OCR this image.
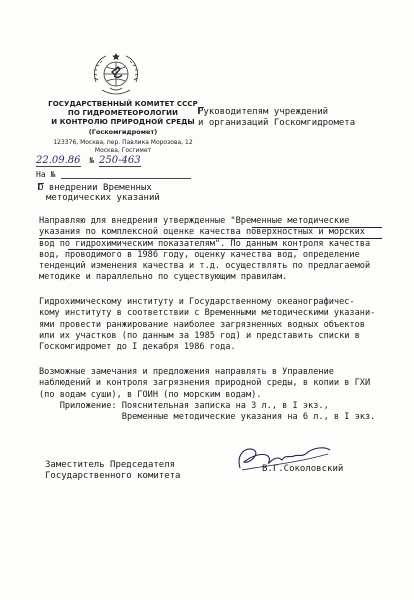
ГОСУДАРСТВЕННЫЙ КОМИТЕТ СССР
ПО ГИДРОМЕТЕОРОЛОГИИ
И КОНТРОЛЮ ПРИРОДНОЙ СРЕДЫ
(Госкомгидромет)
123376, Москва, пер. Павлика Морозова, 12
Москва, Госгимет
22.09.86 № 250-463
На №
Руководителям учреждений
и организаций Госкомгидромета
О внедрении Временных
методических указаний
Направляю для внедрения утвержденные "Временные методические
указания по комплексной оценке качества поверхностных и морских
вод по гидрохимическим показателям". По данным контроля качества
вод, проводимого в 1986 году, оценку качества вод, определение
тенденций изменения качества и т.д. осуществлять по предлагаемой
методике и параллельно по существующим правилам.
Гидрохимическому институту и Государственному океанографичес-
кому институту в соответствии с Временными методическими указани-
ями провести ранжирование наиболее загрязненных водных объектов
или их участков (по данным за 1985 год) и представить списки в
Госкомгидромет до I декабря 1986 года.
Возможные замечания и предложения направлять в Управление
наблюдений и контроля загрязнения природной среды, в копии в ГХИ
(по водам суши), в ГОИН (по морским водам).
Приложение: Пояснительная записка на 3 л., в I экз.,
Временные методические указания на 6 л., в I экз.
Заместитель Председателя
Государственного комитета
В.Г.Соколовский
